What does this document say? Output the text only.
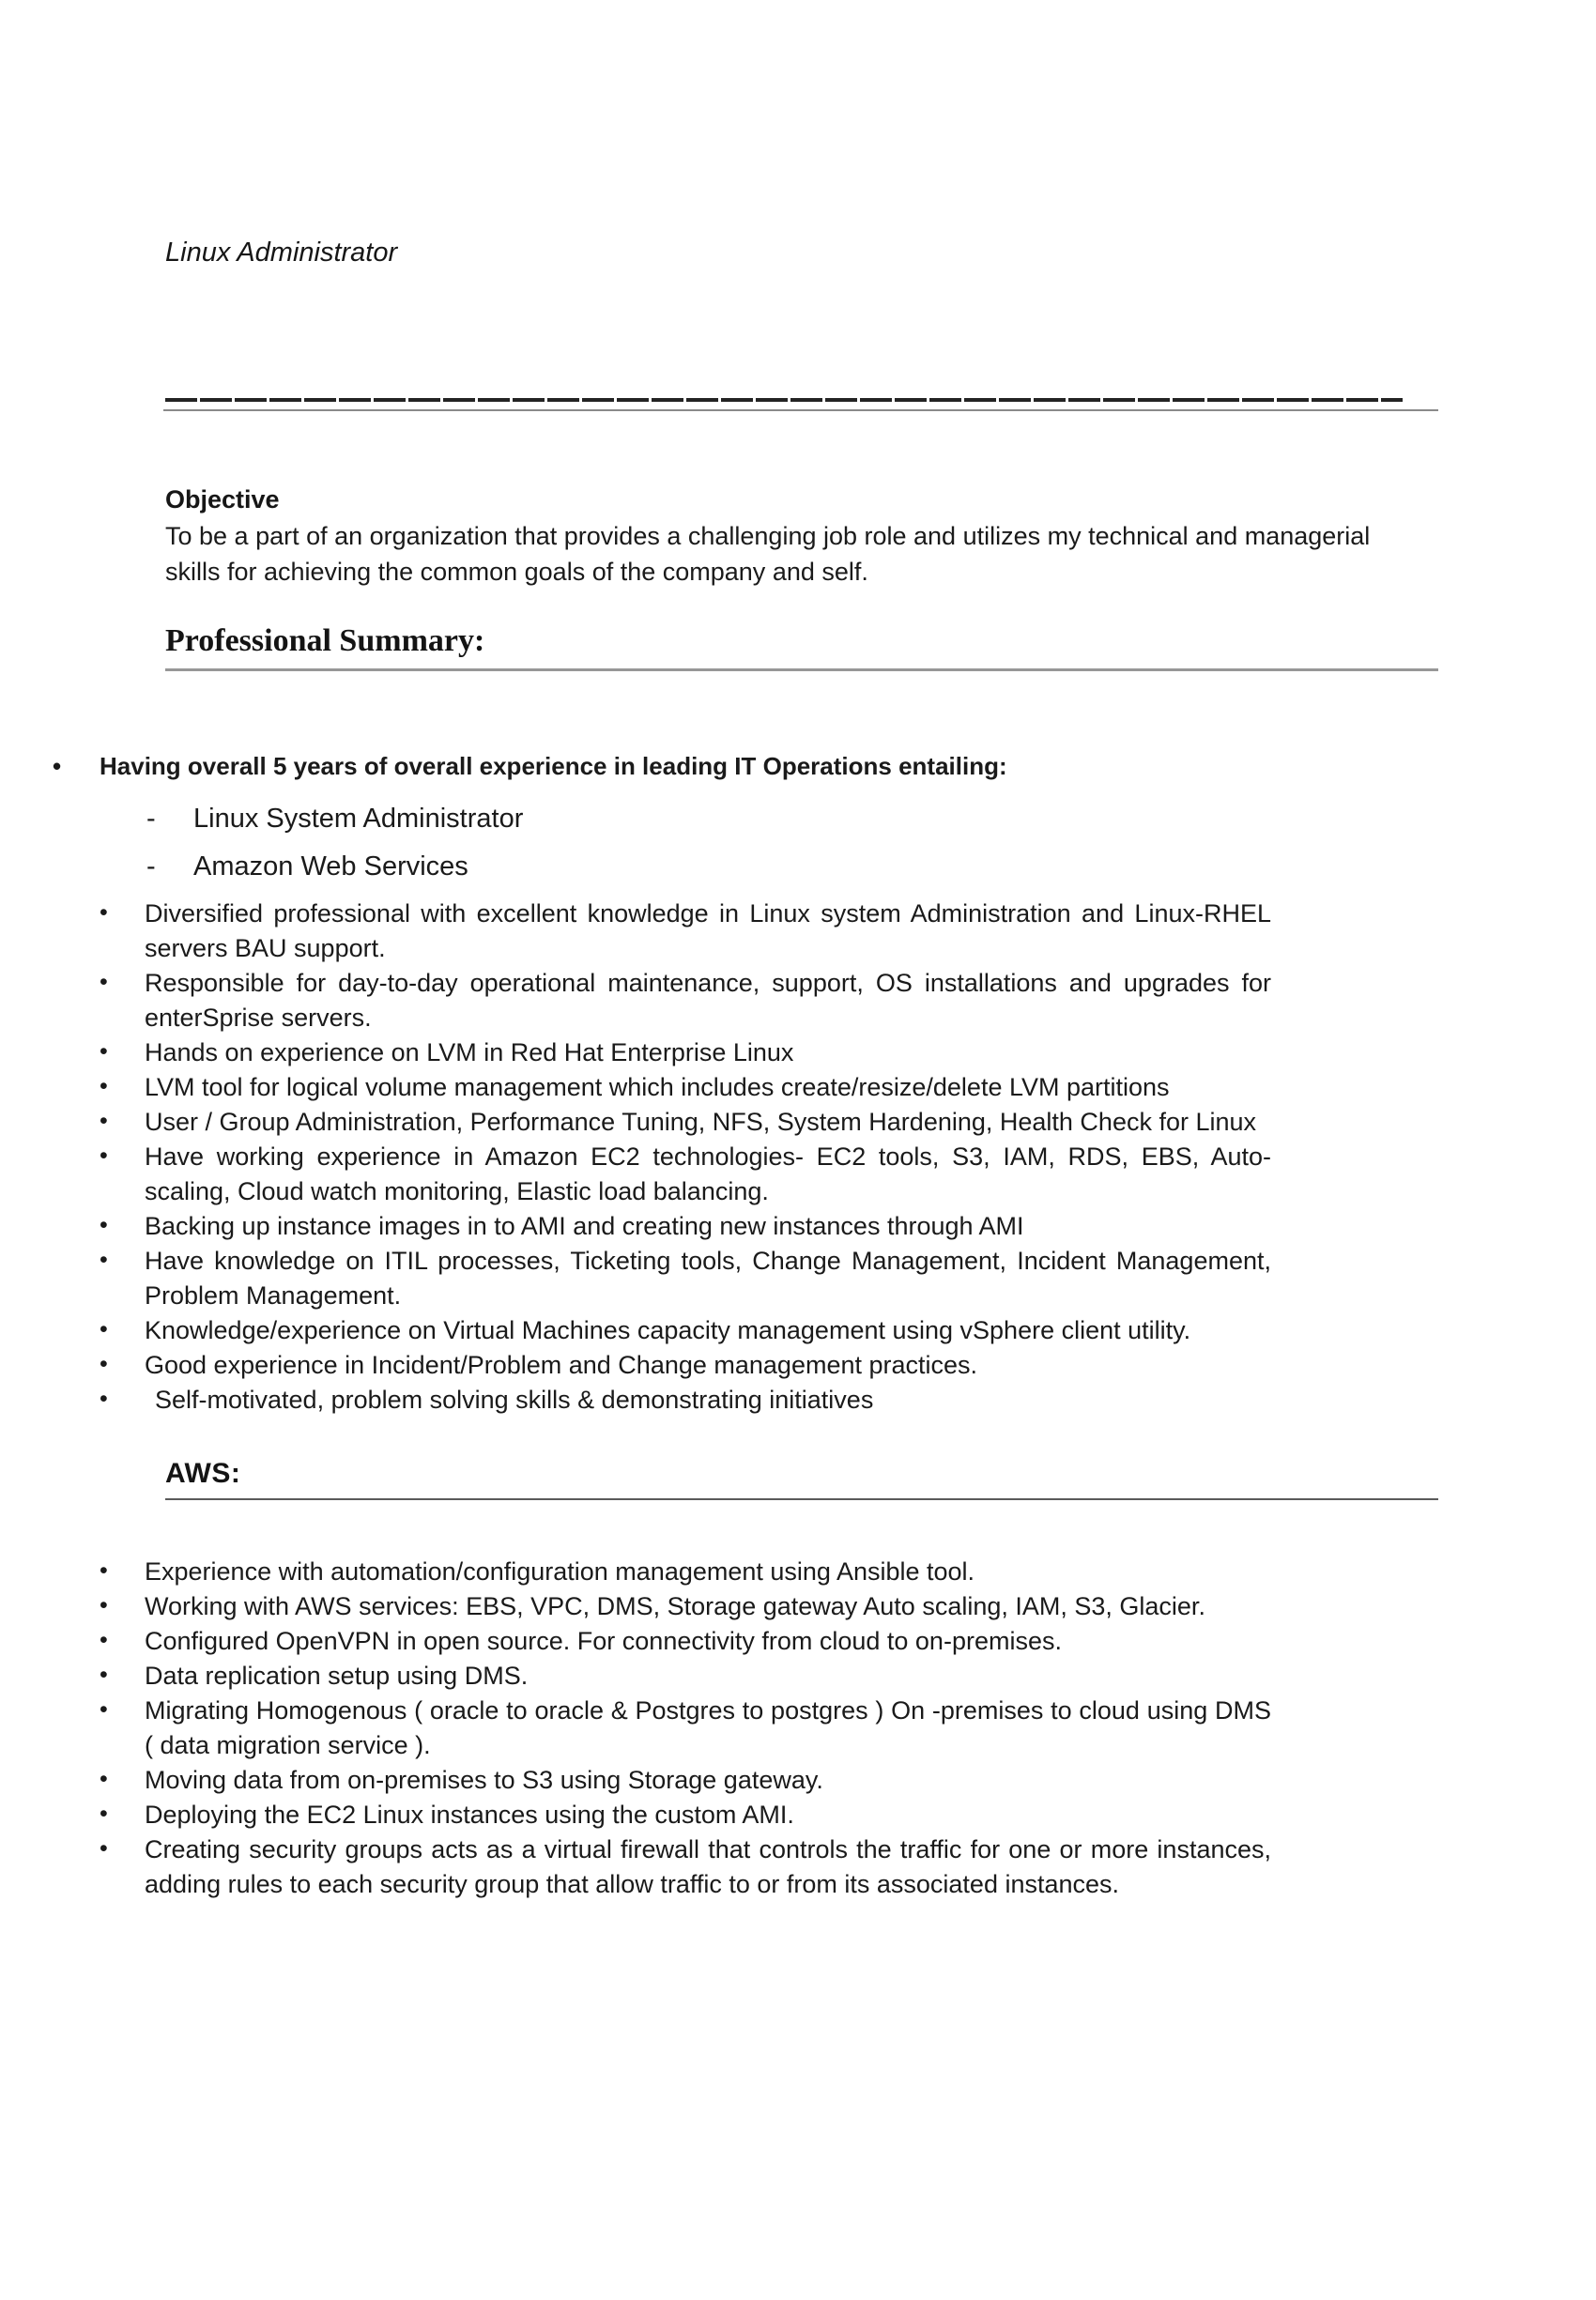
Linux Administrator
Objective

To be a part of an organization that provides a challenging job role and utilizes my technical and managerial skills for achieving the common goals of the company and self.

Professional Summary:
• Having overall 5 years of overall experience in leading IT Operations entailing:
- Linux System Administrator
- Amazon Web Services
• Diversified professional with excellent knowledge in Linux system Administration and Linux-RHEL servers BAU support.
• Responsible for day-to-day operational maintenance, support, OS installations and upgrades for enterSprise servers.
• Hands on experience on LVM in Red Hat Enterprise Linux
• LVM tool for logical volume management which includes create/resize/delete LVM partitions
• User / Group Administration, Performance Tuning, NFS, System Hardening, Health Check for Linux
• Have working experience in Amazon EC2 technologies- EC2 tools, S3, IAM, RDS, EBS, Auto-scaling, Cloud watch monitoring, Elastic load balancing.
• Backing up instance images in to AMI and creating new instances through AMI
• Have knowledge on ITIL processes, Ticketing tools, Change Management, Incident Management, Problem Management.
• Knowledge/experience on Virtual Machines capacity management using vSphere client utility.
• Good experience in Incident/Problem and Change management practices.
• Self-motivated, problem solving skills & demonstrating initiatives
AWS:
• Experience with automation/configuration management using Ansible tool.
• Working with AWS services: EBS, VPC, DMS, Storage gateway Auto scaling, IAM, S3, Glacier.
• Configured OpenVPN in open source. For connectivity from cloud to on-premises.
• Data replication setup using DMS.
• Migrating Homogenous ( oracle to oracle & Postgres to postgres ) On -premises to cloud using DMS ( data migration service ).
• Moving data from on-premises to S3 using Storage gateway.
• Deploying the EC2 Linux instances using the custom AMI.
• Creating security groups acts as a virtual firewall that controls the traffic for one or more instances, adding rules to each security group that allow traffic to or from its associated instances.
